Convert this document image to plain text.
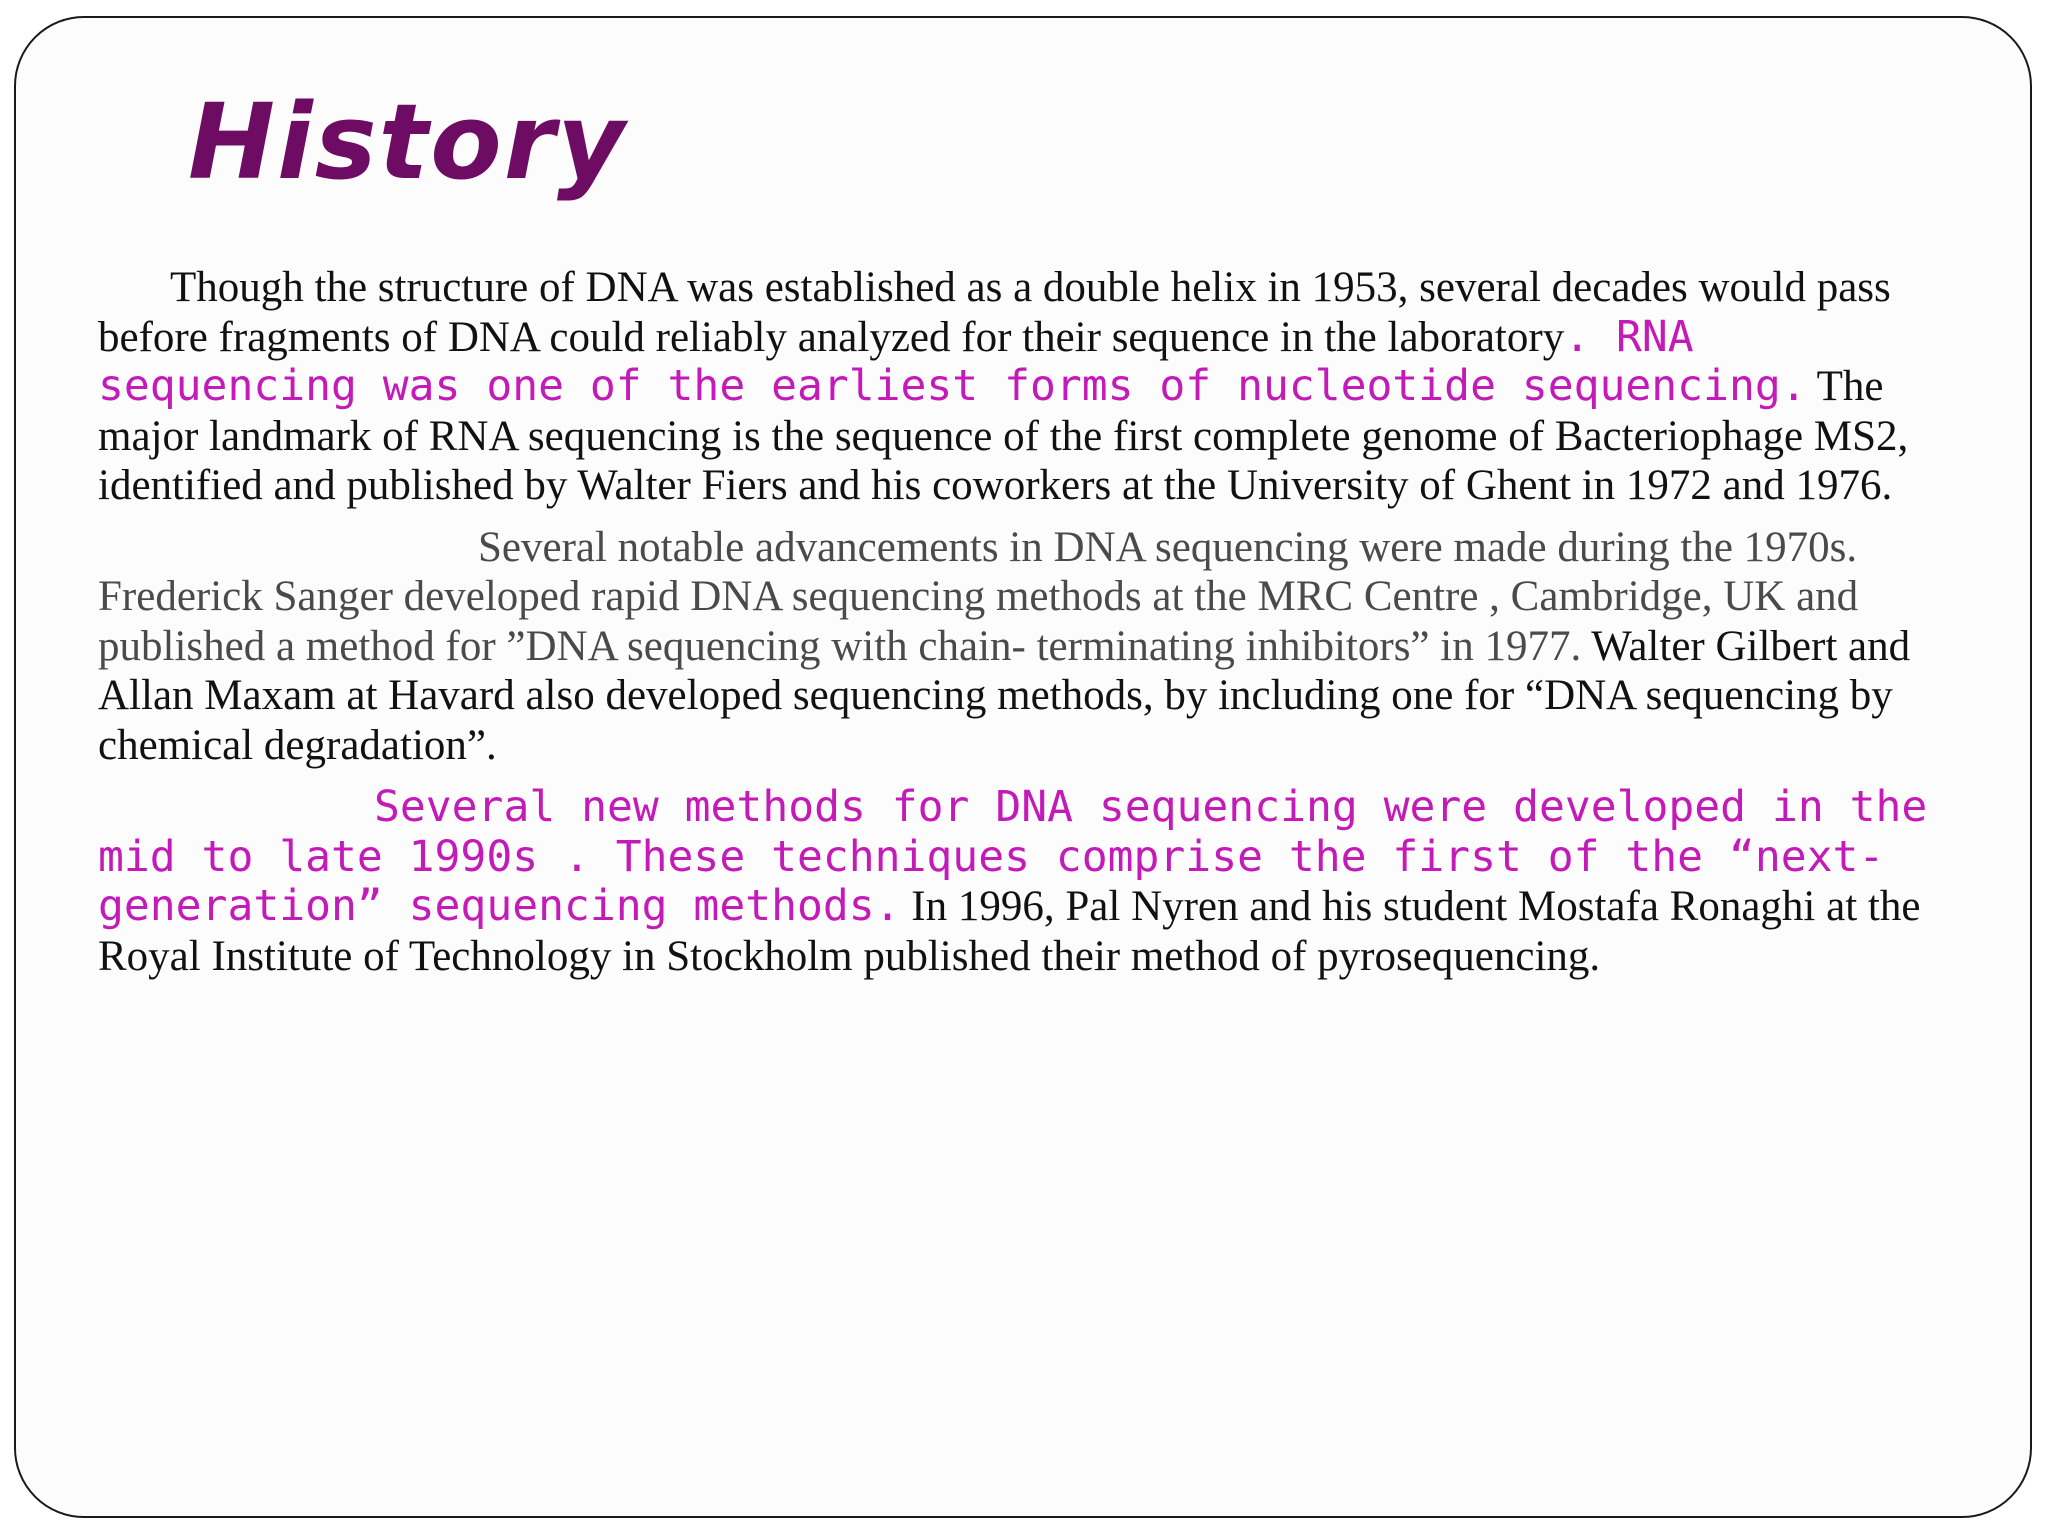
History

Though the structure of DNA was established as a double helix in 1953, several decades would pass before fragments of DNA could reliably analyzed for their sequence in the laboratory. RNA sequencing was one of the earliest forms of nucleotide sequencing. The major landmark of RNA sequencing is the sequence of the first complete genome of Bacteriophage MS2, identified and published by Walter Fiers and his coworkers at the University of Ghent in 1972 and 1976.

Several notable advancements in DNA sequencing were made during the 1970s. Frederick Sanger developed rapid DNA sequencing methods at the MRC Centre , Cambridge, UK and published a method for ”DNA sequencing with chain- terminating inhibitors” in 1977. Walter Gilbert and Allan Maxam at Havard also developed sequencing methods, by including one for “DNA sequencing by chemical degradation”.

Several new methods for DNA sequencing were developed in the mid to late 1990s . These techniques comprise the first of the “next-generation” sequencing methods. In 1996, Pal Nyren and his student Mostafa Ronaghi at the Royal Institute of Technology in Stockholm published their method of pyrosequencing.
